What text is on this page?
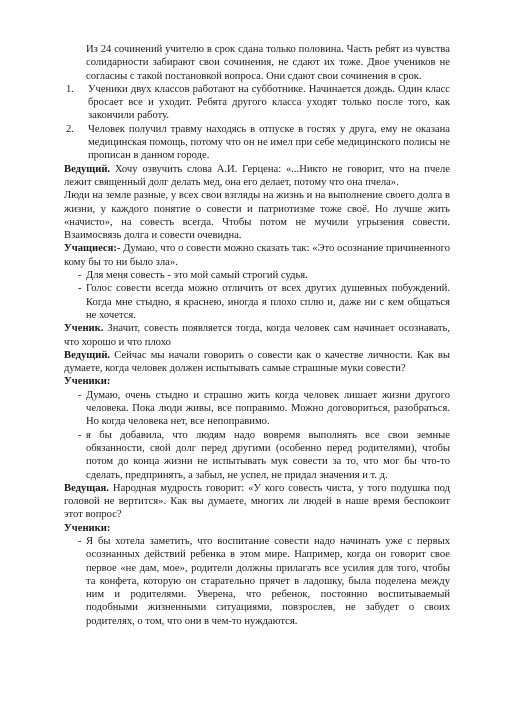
Из 24 сочинений учителю в срок сдана только половина. Часть ребят из чувства солидарности забирают свои сочинения, не сдают их тоже. Двое учеников не согласны с такой постановкой вопроса. Они сдают свои сочинения в срок.

1. Ученики двух классов работают на субботнике. Начинается дождь. Один класс бросает все и уходит. Ребята другого класса уходят только после того, как закончили работу.
2. Человек получил травму находясь в отпуске в гостях у друга, ему не оказана медицинская помощь, потому что он не имел при себе медицинского полисы не прописан в данном городе.

Ведущий. Хочу озвучить слова А.И. Герцена: «...Никто не говорит, что на пчеле лежит священный долг делать мед, она его делает, потому что она пчела».

Люди на земле разные, у всех свои взгляды на жизнь и на выполнение своего долга в жизни, у каждого понятие о совести и патриотизме тоже своё. Но лучше жить «начисто», на совесть всегда. Чтобы потом не мучили угрызения совести. Взаимосвязь долга и совести очевидна.

Учащиеся:- Думаю, что о совести можно сказать так: «Это осознание причиненного кому бы то ни было зла».

- Для меня совесть - это мой самый строгий судья.
- Голос совести всегда можно отличить от всех других душевных побуждений. Когда мне стыдно, я краснею, иногда я плохо сплю и, даже ни с кем общаться не хочется.

Ученик. Значит, совесть появляется тогда, когда человек сам начинает осознавать, что хорошо и что плохо

Ведущий. Сейчас мы начали говорить о совести как о качестве личности. Как вы думаете, когда человек должен испытывать самые страшные муки совести?

Ученики:

- Думаю, очень стыдно и страшно жить когда человек лишает жизни другого человека. Пока люди живы, все поправимо. Можно договориться, разобраться. Но когда человека нет, все непоправимо.
- я бы добавила, что людям надо вовремя выполнять все свои земные обязанности, свой долг перед другими (особенно перед родителями), чтобы потом до конца жизни не испытывать мук совести за то, что мог бы что-то сделать, предпринять, а забыл, не успел, не придал значения и т. д.

Ведущая. Народная мудрость говорит: «У кого совесть чиста, у того подушка под головой не вертится». Как вы думаете, многих ли людей в наше время беспокоит этот вопрос?

Ученики:

- Я бы хотела заметить, что воспитание совести надо начинать уже с первых осознанных действий ребенка в этом мире. Например, когда он говорит свое первое «не дам, мое», родители должны прилагать все усилия для того, чтобы та конфета, которую он старательно прячет в ладошку, была поделена между ним и родителями. Уверена, что ребенок, постоянно воспитываемый подобными жизненными ситуациями, повзрослев, не забудет о своих родителях, о том, что они в чем-то нуждаются.
